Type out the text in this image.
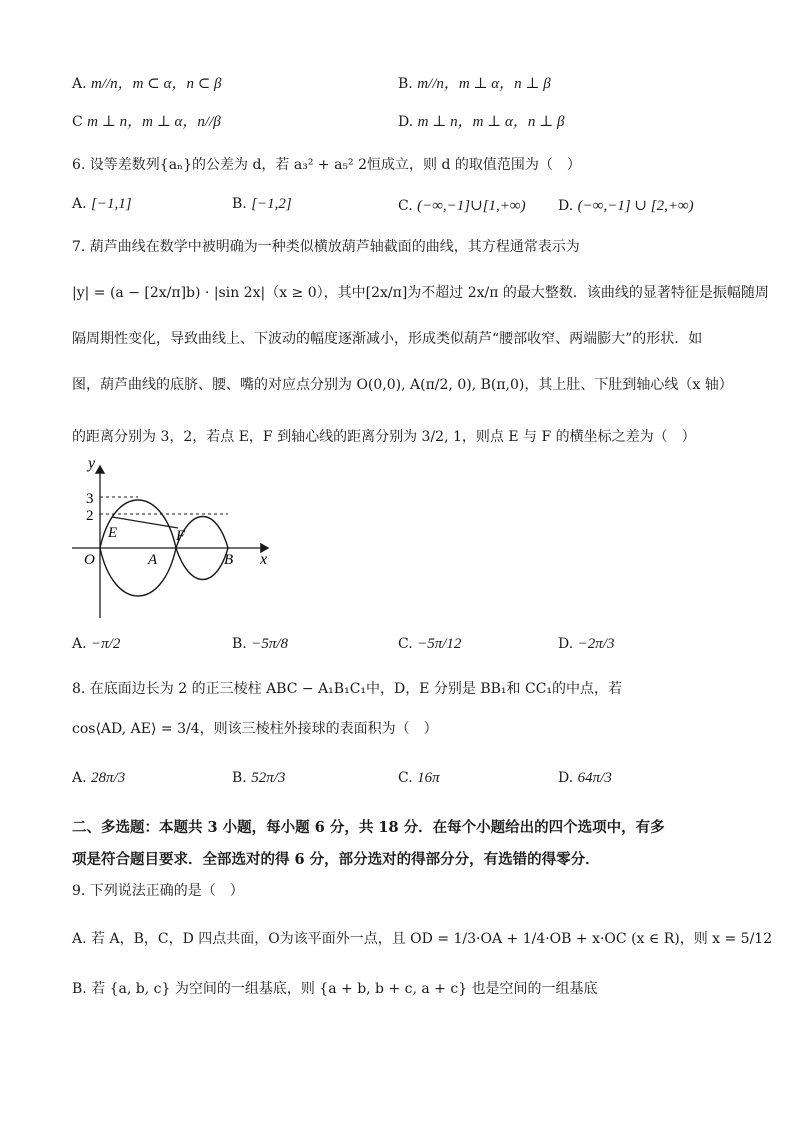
A. m//n，m ⊂ α，n ⊂ β	B. m//n，m ⊥ α，n ⊥ β
C m ⊥ n，m ⊥ α，n//β	D. m ⊥ n，m ⊥ α，n ⊥ β
6. 设等差数列{aₙ}的公差为 d，若 a₃² + a₅² 2恒成立，则 d 的取值范围为（　）
A. [−1,1]	B. [−1,2]	C. (−∞,−1]∪[1,+∞) D. (−∞,−1] ∪ [2,+∞)
7. 葫芦曲线在数学中被明确为一种类似横放葫芦轴截面的曲线，其方程通常表示为
|y| = (a − [2x/π]b) · |sin 2x|（x ≥ 0），其中[2x/π]为不超过 2x/π 的最大整数．该曲线的显著特征是振幅随周
隔周期性变化，导致曲线上、下波动的幅度逐渐减小，形成类似葫芦“腰部收窄、两端膨大”的形状．如
图，葫芦曲线的底脐、腰、嘴的对应点分别为 O(0,0), A(π/2, 0), B(π,0)，其上肚、下肚到轴心线（x 轴）
的距离分别为 3，2，若点 E，F 到轴心线的距离分别为 3/2, 1，则点 E 与 F 的横坐标之差为（　）
y
x
3
2
O	A	B
E	F
A. −π/2	B. −5π/8	C. −5π/12	D. −2π/3
8. 在底面边长为 2 的正三棱柱 ABC − A₁B₁C₁中，D，E 分别是 BB₁和 CC₁的中点，若
cos⟨AD, AE⟩ = 3/4，则该三棱柱外接球的表面积为（　）
A. 28π/3	B. 52π/3	C. 16π	D. 64π/3
二、多选题：本题共 3 小题，每小题 6 分，共 18 分．在每个小题给出的四个选项中，有多
项是符合题目要求．全部选对的得 6 分，部分选对的得部分分，有选错的得零分．
9. 下列说法正确的是（　）
A. 若 A，B，C，D 四点共面，O为该平面外一点，且 OD = 1/3·OA + 1/4·OB + x·OC (x ∈ R)，则 x = 5/12
B. 若 {a, b, c} 为空间的一组基底，则 {a + b, b + c, a + c} 也是空间的一组基底
